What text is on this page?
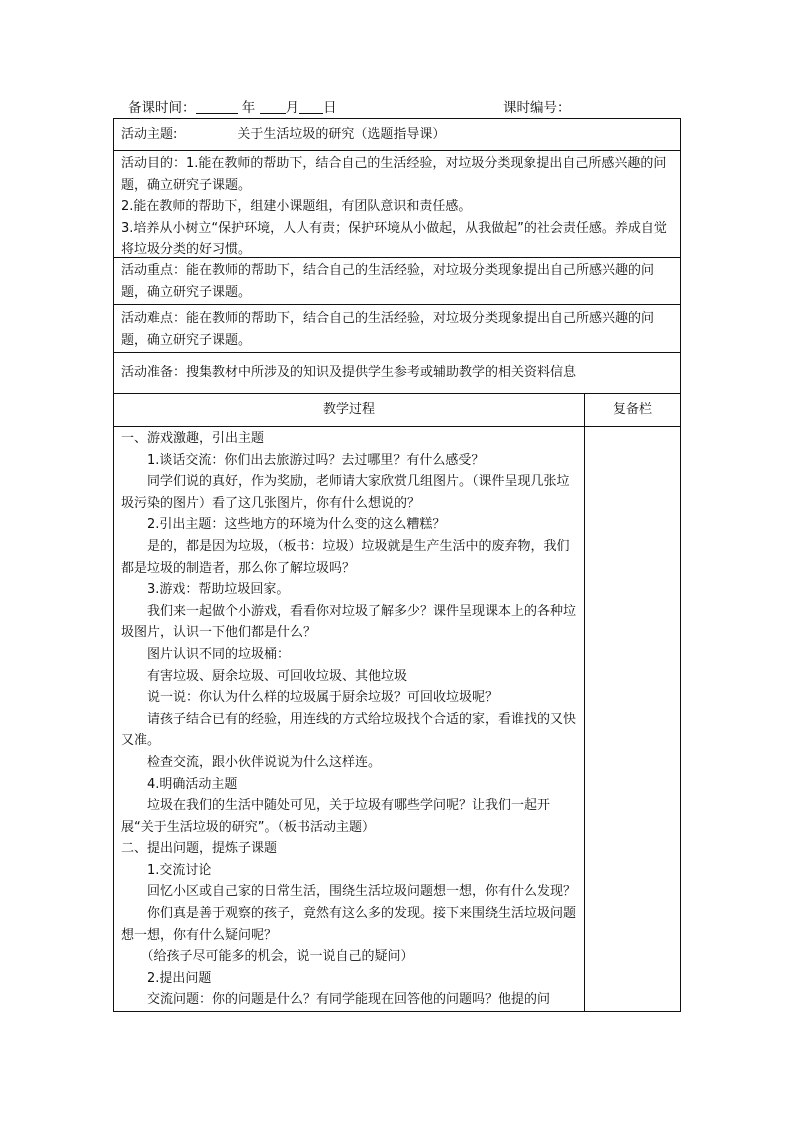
备课时间：	年 月 日	课时编号：
活动主题:	关于生活垃圾的研究（选题指导课）
活动目的：1.能在教师的帮助下，结合自己的生活经验，对垃圾分类现象提出自己所感兴趣的问题，确立研究子课题。
2.能在教师的帮助下，组建小课题组，有团队意识和责任感。
3.培养从小树立“保护环境，人人有责；保护环境从小做起，从我做起”的社会责任感。养成自觉将垃圾分类的好习惯。
活动重点：能在教师的帮助下，结合自己的生活经验，对垃圾分类现象提出自己所感兴趣的问题，确立研究子课题。
活动难点：能在教师的帮助下，结合自己的生活经验，对垃圾分类现象提出自己所感兴趣的问题，确立研究子课题。
活动准备：搜集教材中所涉及的知识及提供学生参考或辅助教学的相关资料信息
教学过程	复备栏

一、游戏激趣，引出主题

1.谈话交流：你们出去旅游过吗？去过哪里？有什么感受？

同学们说的真好，作为奖励，老师请大家欣赏几组图片。（课件呈现几张垃圾污染的图片）看了这几张图片，你有什么想说的？

2.引出主题：这些地方的环境为什么变的这么糟糕？

是的，都是因为垃圾，（板书：垃圾）垃圾就是生产生活中的废弃物，我们都是垃圾的制造者，那么你了解垃圾吗？

3.游戏：帮助垃圾回家。

我们来一起做个小游戏，看看你对垃圾了解多少？课件呈现课本上的各种垃圾图片，认识一下他们都是什么？

图片认识不同的垃圾桶：

有害垃圾、厨余垃圾、可回收垃圾、其他垃圾

说一说：你认为什么样的垃圾属于厨余垃圾？可回收垃圾呢？

请孩子结合已有的经验，用连线的方式给垃圾找个合适的家，看谁找的又快又准。

检查交流，跟小伙伴说说为什么这样连。

4.明确活动主题

垃圾在我们的生活中随处可见，关于垃圾有哪些学问呢？让我们一起开展“关于生活垃圾的研究”。（板书活动主题）

二、提出问题，提炼子课题

1.交流讨论

回忆小区或自己家的日常生活，围绕生活垃圾问题想一想，你有什么发现？

你们真是善于观察的孩子，竟然有这么多的发现。接下来围绕生活垃圾问题想一想，你有什么疑问呢？

（给孩子尽可能多的机会，说一说自己的疑问）

2.提出问题

交流问题：你的问题是什么？有同学能现在回答他的问题吗？他提的问
